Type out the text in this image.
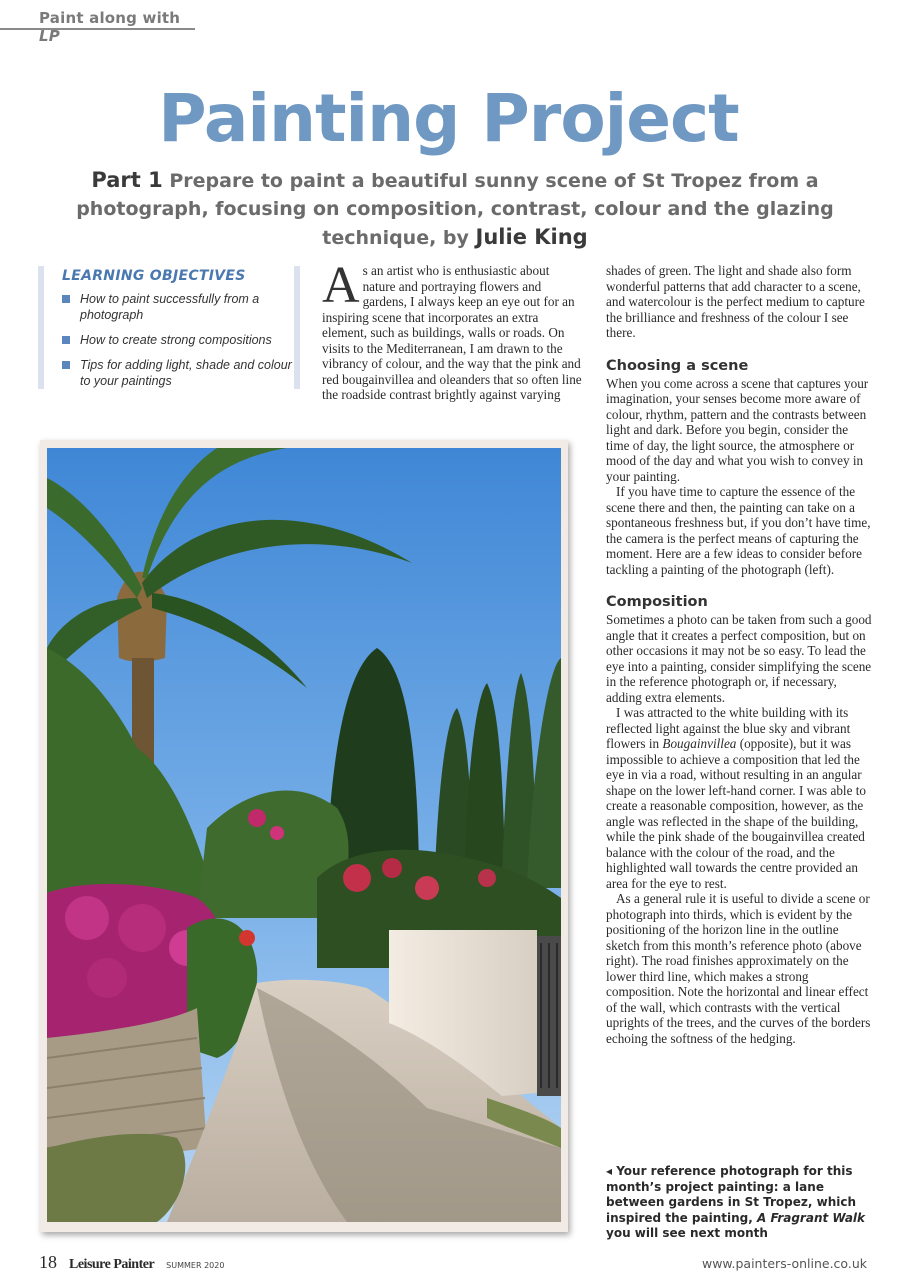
Paint along with LP
Painting Project
Part 1 Prepare to paint a beautiful sunny scene of St Tropez from a photograph, focusing on composition, contrast, colour and the glazing technique, by Julie King
LEARNING OBJECTIVES
How to paint successfully from a photograph
How to create strong compositions
Tips for adding light, shade and colour to your paintings

As an artist who is enthusiastic about nature and portraying flowers and gardens, I always keep an eye out for an inspiring scene that incorporates an extra element, such as buildings, walls or roads. On visits to the Mediterranean, I am drawn to the vibrancy of colour, and the way that the pink and red bougainvillea and oleanders that so often line the roadside contrast brightly against varying

shades of green. The light and shade also form wonderful patterns that add character to a scene, and watercolour is the perfect medium to capture the brilliance and freshness of the colour I see there.

Choosing a scene

When you come across a scene that captures your imagination, your senses become more aware of colour, rhythm, pattern and the contrasts between light and dark. Before you begin, consider the time of day, the light source, the atmosphere or mood of the day and what you wish to convey in your painting.

If you have time to capture the essence of the scene there and then, the painting can take on a spontaneous freshness but, if you don’t have time, the camera is the perfect means of capturing the moment. Here are a few ideas to consider before tackling a painting of the photograph (left).

Composition

Sometimes a photo can be taken from such a good angle that it creates a perfect composition, but on other occasions it may not be so easy. To lead the eye into a painting, consider simplifying the scene in the reference photograph or, if necessary, adding extra elements.

I was attracted to the white building with its reflected light against the blue sky and vibrant flowers in Bougainvillea (opposite), but it was impossible to achieve a composition that led the eye in via a road, without resulting in an angular shape on the lower left-hand corner. I was able to create a reasonable composition, however, as the angle was reflected in the shape of the building, while the pink shade of the bougainvillea created balance with the colour of the road, and the highlighted wall towards the centre provided an area for the eye to rest.

As a general rule it is useful to divide a scene or photograph into thirds, which is evident by the positioning of the horizon line in the outline sketch from this month’s reference photo (above right). The road finishes approximately on the lower third line, which makes a strong composition. Note the horizontal and linear effect of the wall, which contrasts with the vertical uprights of the trees, and the curves of the borders echoing the softness of the hedging.

◂ Your reference photograph for this month’s project painting: a lane between gardens in St Tropez, which inspired the painting, A Fragrant Walk you will see next month
18 Leisure Painter SUMMER 2020	www.painters-online.co.uk
